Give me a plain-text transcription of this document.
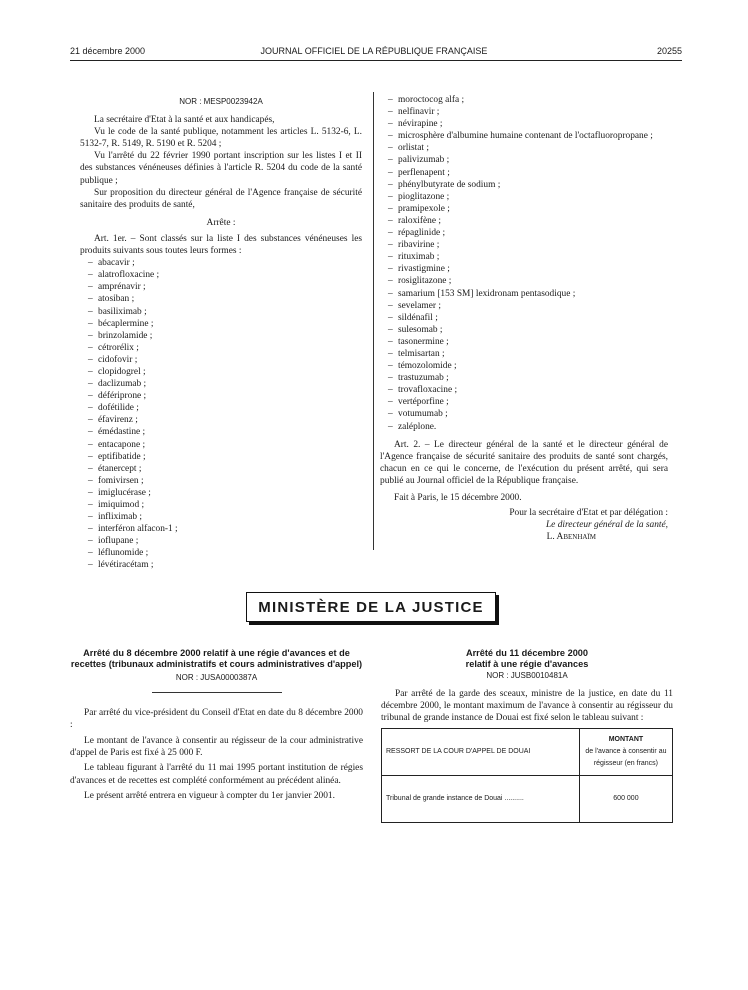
21 décembre 2000	JOURNAL OFFICIEL DE LA RÉPUBLIQUE FRANÇAISE	20255

NOR : MESP0023942A

La secrétaire d'Etat à la santé et aux handicapés,

Vu le code de la santé publique, notamment les articles L. 5132-6, L. 5132-7, R. 5149, R. 5190 et R. 5204 ;

Vu l'arrêté du 22 février 1990 portant inscription sur les listes I et II des substances vénéneuses définies à l'article R. 5204 du code de la santé publique ;

Sur proposition du directeur général de l'Agence française de sécurité sanitaire des produits de santé,

Arrête :

Art. 1er. – Sont classés sur la liste I des substances vénéneuses les produits suivants sous toutes leurs formes :

– abacavir ;
– alatrofloxacine ;
– amprénavir ;
– atosiban ;
– basiliximab ;
– bécaplermine ;
– brinzolamide ;
– cétrorélix ;
– cidofovir ;
– clopidogrel ;
– daclizumab ;
– défériprone ;
– dofétilide ;
– éfavirenz ;
– émédastine ;
– entacapone ;
– eptifibatide ;
– étanercept ;
– fomivirsen ;
– imiglucérase ;
– imiquimod ;
– infliximab ;
– interféron alfacon-1 ;
– ioflupane ;
– léflunomide ;
– lévétiracétam ;
– moroctocog alfa ;
– nelfinavir ;
– névirapine ;
– microsphère d'albumine humaine contenant de l'octafluoropropane ;
– orlistat ;
– palivizumab ;
– perflenapent ;
– phénylbutyrate de sodium ;
– pioglitazone ;
– pramipexole ;
– raloxifène ;
– répaglinide ;
– ribavirine ;
– rituximab ;
– rivastigmine ;
– rosiglitazone ;
– samarium [153 SM] lexidronam pentasodique ;
– sevelamer ;
– sildénafil ;
– sulesomab ;
– tasonermine ;
– telmisartan ;
– témozolomide ;
– trastuzumab ;
– trovafloxacine ;
– vertéporfine ;
– votumumab ;
– zaléplone.

Art. 2. – Le directeur général de la santé et le directeur général de l'Agence française de sécurité sanitaire des produits de santé sont chargés, chacun en ce qui le concerne, de l'exécution du présent arrêté, qui sera publié au Journal officiel de la République française.

Fait à Paris, le 15 décembre 2000.

Pour la secrétaire d'Etat et par délégation :

Le directeur général de la santé,

L. Abenhaïm

MINISTÈRE DE LA JUSTICE

Arrêté du 8 décembre 2000 relatif à une régie d'avances et de recettes (tribunaux administratifs et cours administratives d'appel)

NOR : JUSA0000387A

Par arrêté du vice-président du Conseil d'Etat en date du 8 décembre 2000 :

Le montant de l'avance à consentir au régisseur de la cour administrative d'appel de Paris est fixé à 25 000 F.

Le tableau figurant à l'arrêté du 11 mai 1995 portant institution de régies d'avances et de recettes est complété conformément au précédent alinéa.

Le présent arrêté entrera en vigueur à compter du 1er janvier 2001.

Arrêté du 11 décembre 2000

relatif à une régie d'avances

NOR : JUSB0010481A

Par arrêté de la garde des sceaux, ministre de la justice, en date du 11 décembre 2000, le montant maximum de l'avance à consentir au régisseur du tribunal de grande instance de Douai est fixé selon le tableau suivant :

RESSORT DE LA COUR D'APPEL DE DOUAI	MONTANT
de l'avance à consentir au régisseur (en francs)

Tribunal de grande instance de Douai ..........	600 000
